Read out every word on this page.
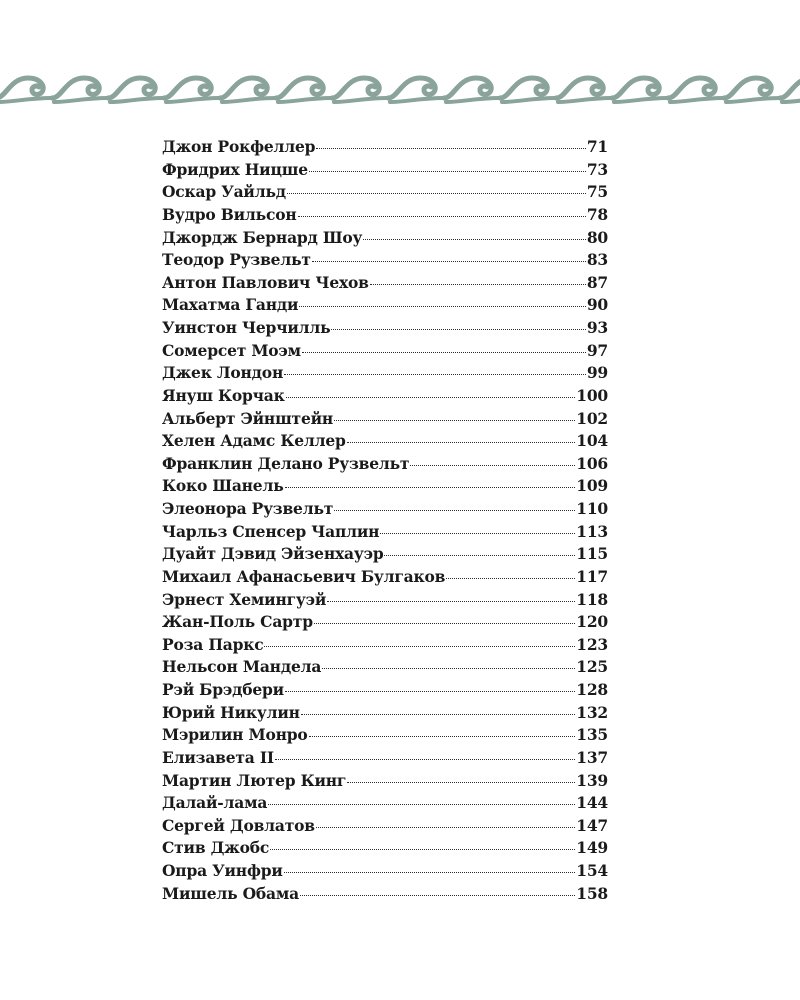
Джон Рокфеллер	71
Фридрих Ницше	73
Оскар Уайльд	75
Вудро Вильсон	78
Джордж Бернард Шоу	80
Теодор Рузвельт	83
Антон Павлович Чехов	87
Махатма Ганди	90
Уинстон Черчилль	93
Сомерсет Моэм	97
Джек Лондон	99
Януш Корчак	100
Альберт Эйнштейн	102
Хелен Адамс Келлер	104
Франклин Делано Рузвельт	106
Коко Шанель	109
Элеонора Рузвельт	110
Чарльз Спенсер Чаплин	113
Дуайт Дэвид Эйзенхауэр	115
Михаил Афанасьевич Булгаков	117
Эрнест Хемингуэй	118
Жан-Поль Сартр	120
Роза Паркс	123
Нельсон Мандела	125
Рэй Брэдбери	128
Юрий Никулин	132
Мэрилин Монро	135
Елизавета II	137
Мартин Лютер Кинг	139
Далай-лама	144
Сергей Довлатов	147
Стив Джобс	149
Опра Уинфри	154
Мишель Обама	158
